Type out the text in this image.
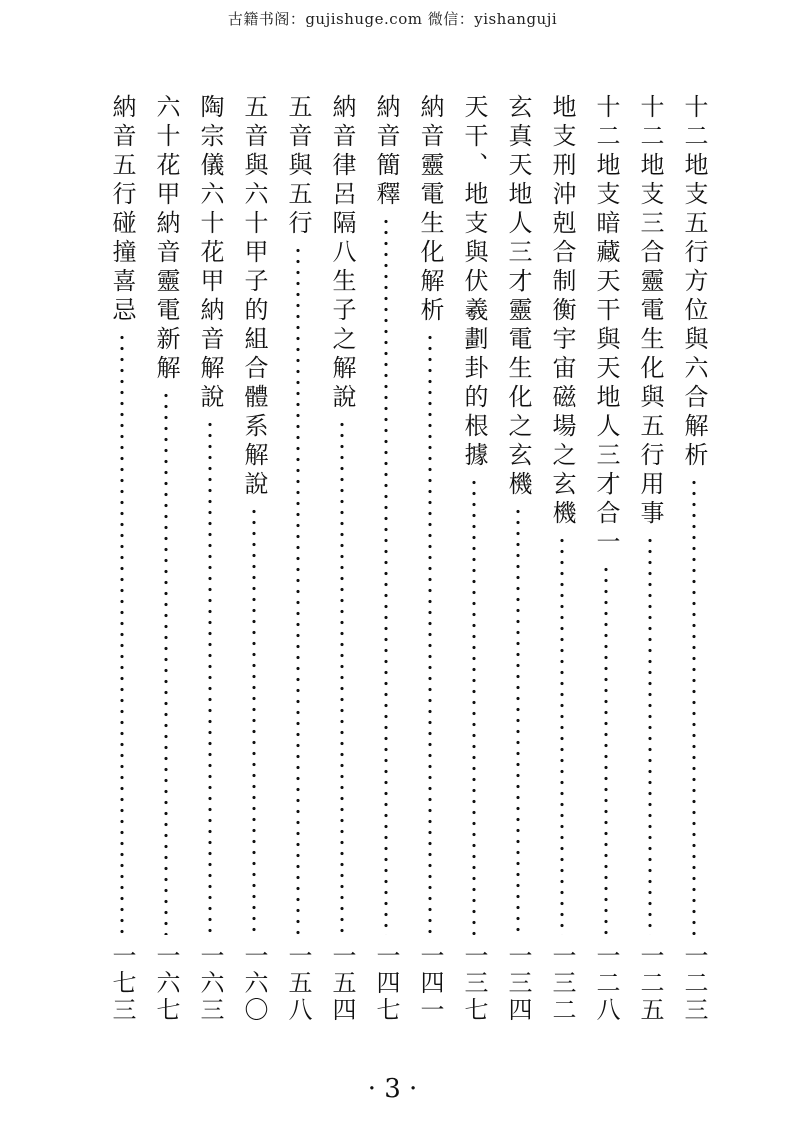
古籍书阁：gujishuge.com 微信：yishanguji
十二地支五行方位與六合解析
一二三
十二地支三合靈電生化與五行用事
一二五
十二地支暗藏天干與天地人三才合一
一二八
地支刑沖剋合制衡宇宙磁場之玄機
一三二
玄真天地人三才靈電生化之玄機
一三四
天干、地支與伏羲劃卦的根據
一三七
納音靈電生化解析
一四一
納音簡釋
一四七
納音律呂隔八生子之解說
一五四
五音與五行
一五八
五音與六十甲子的組合體系解說
一六〇
陶宗儀六十花甲納音解說
一六三
六十花甲納音靈電新解
一六七
納音五行碰撞喜忌
一七三
· 3 ·
